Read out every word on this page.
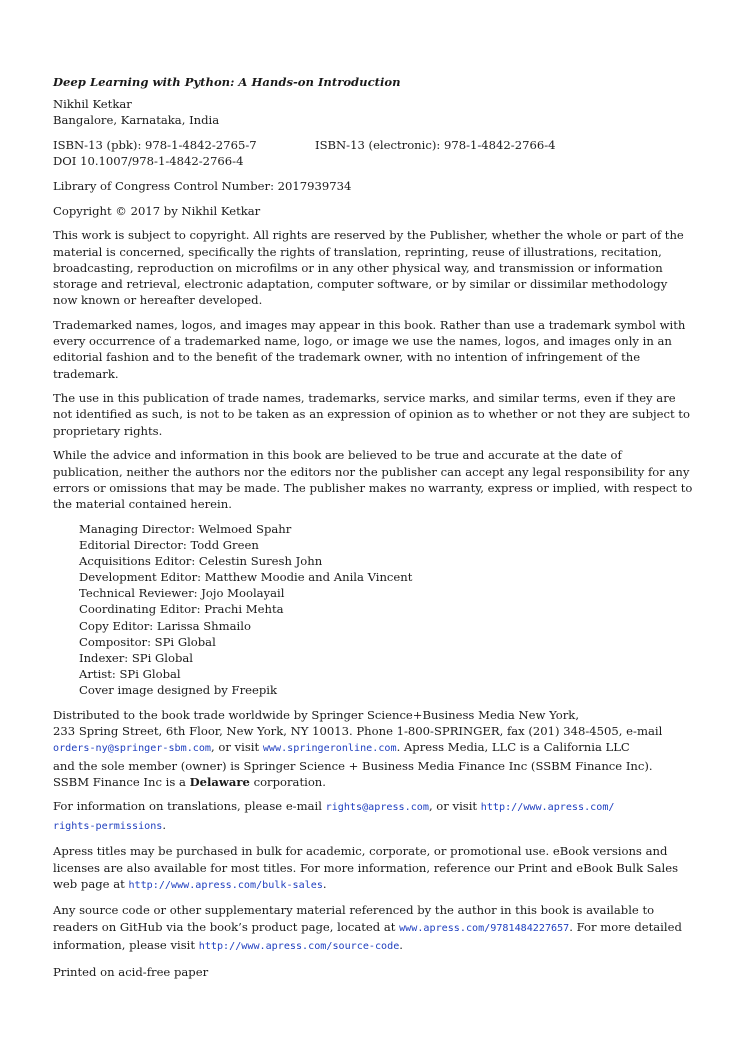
Deep Learning with Python: A Hands-on Introduction

Nikhil Ketkar
Bangalore, Karnataka, India

ISBN-13 (pbk): 978-1-4842-2765-7	ISBN-13 (electronic): 978-1-4842-2766-4
DOI 10.1007/978-1-4842-2766-4

Library of Congress Control Number: 2017939734

Copyright © 2017 by Nikhil Ketkar

This work is subject to copyright. All rights are reserved by the Publisher, whether the whole or part of the material is concerned, specifically the rights of translation, reprinting, reuse of illustrations, recitation, broadcasting, reproduction on microfilms or in any other physical way, and transmission or information storage and retrieval, electronic adaptation, computer software, or by similar or dissimilar methodology now known or hereafter developed.

Trademarked names, logos, and images may appear in this book. Rather than use a trademark symbol with every occurrence of a trademarked name, logo, or image we use the names, logos, and images only in an editorial fashion and to the benefit of the trademark owner, with no intention of infringement of the trademark.

The use in this publication of trade names, trademarks, service marks, and similar terms, even if they are not identified as such, is not to be taken as an expression of opinion as to whether or not they are subject to proprietary rights.

While the advice and information in this book are believed to be true and accurate at the date of publication, neither the authors nor the editors nor the publisher can accept any legal responsibility for any errors or omissions that may be made. The publisher makes no warranty, express or implied, with respect to the material contained herein.

Managing Director: Welmoed Spahr
Editorial Director: Todd Green
Acquisitions Editor: Celestin Suresh John
Development Editor: Matthew Moodie and Anila Vincent
Technical Reviewer: Jojo Moolayail
Coordinating Editor: Prachi Mehta
Copy Editor: Larissa Shmailo
Compositor: SPi Global
Indexer: SPi Global
Artist: SPi Global
Cover image designed by Freepik

Distributed to the book trade worldwide by Springer Science+Business Media New York,
233 Spring Street, 6th Floor, New York, NY 10013. Phone 1-800-SPRINGER, fax (201) 348-4505, e-mail
orders-ny@springer-sbm.com, or visit www.springeronline.com. Apress Media, LLC is a California LLC
and the sole member (owner) is Springer Science + Business Media Finance Inc (SSBM Finance Inc).
SSBM Finance Inc is a Delaware corporation.

For information on translations, please e-mail rights@apress.com, or visit http://www.apress.com/
rights-permissions.

Apress titles may be purchased in bulk for academic, corporate, or promotional use. eBook versions and licenses are also available for most titles. For more information, reference our Print and eBook Bulk Sales web page at http://www.apress.com/bulk-sales.

Any source code or other supplementary material referenced by the author in this book is available to readers on GitHub via the book’s product page, located at www.apress.com/9781484227657. For more detailed information, please visit http://www.apress.com/source-code.

Printed on acid-free paper
